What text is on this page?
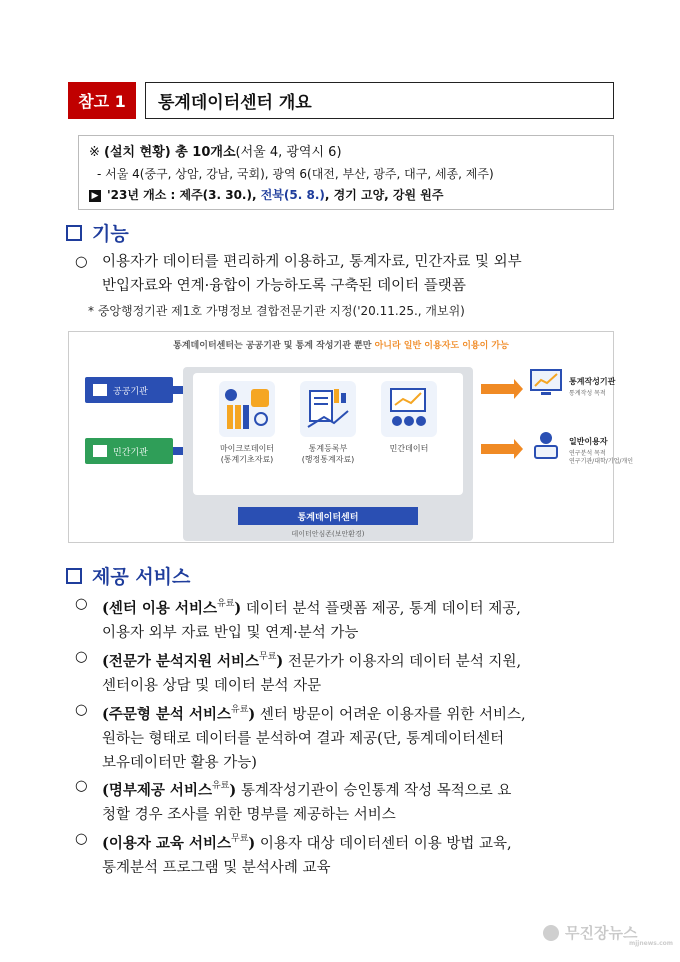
참고 1	통계데이터센터 개요
※ (설치 현황) 총 10개소(서울 4, 광역시 6)
- 서울 4(중구, 상암, 강남, 국회), 광역 6(대전, 부산, 광주, 대구, 세종, 제주)
▶ '23년 개소 : 제주(3. 30.), 전북(5. 8.), 경기 고양, 강원 원주
기능
○ 이용자가 데이터를 편리하게 이용하고, 통계자료, 민간자료 및 외부
반입자료와 연계·융합이 가능하도록 구축된 데이터 플랫폼
* 중앙행정기관 제1호 가명정보 결합전문기관 지정('20.11.25., 개보위)
통계데이터센터는 공공기관 및 통계 작성기관 뿐만 아니라 일반 이용자도 이용이 가능
공공기관
민간기관	마이크로데이터
(통계기초자료)
통계등록부
(행정통계자료)
민간데이터
통계데이터센터
데이터안심존(보안환경)
통계작성기관
통계작성 목적
일반이용자
연구분석 목적
연구기관/대학/기업/개인
제공 서비스
○ (센터 이용 서비스$^{유료}$) 데이터 분석 플랫폼 제공, 통계 데이터 제공,
이용자 외부 자료 반입 및 연계·분석 가능
○ (전문가 분석지원 서비스$^{무료}$) 전문가가 이용자의 데이터 분석 지원,
센터이용 상담 및 데이터 분석 자문
○ (주문형 분석 서비스$^{유료}$) 센터 방문이 어려운 이용자를 위한 서비스,
원하는 형태로 데이터를 분석하여 결과 제공(단, 통계데이터센터
보유데이터만 활용 가능)
○ (명부제공 서비스$^{유료}$) 통계작성기관이 승인통계 작성 목적으로 요
청할 경우 조사를 위한 명부를 제공하는 서비스
○ (이용자 교육 서비스$^{무료}$) 이용자 대상 데이터센터 이용 방법 교육,
통계분석 프로그램 및 분석사례 교육
무진장뉴스
mjjnews.com
